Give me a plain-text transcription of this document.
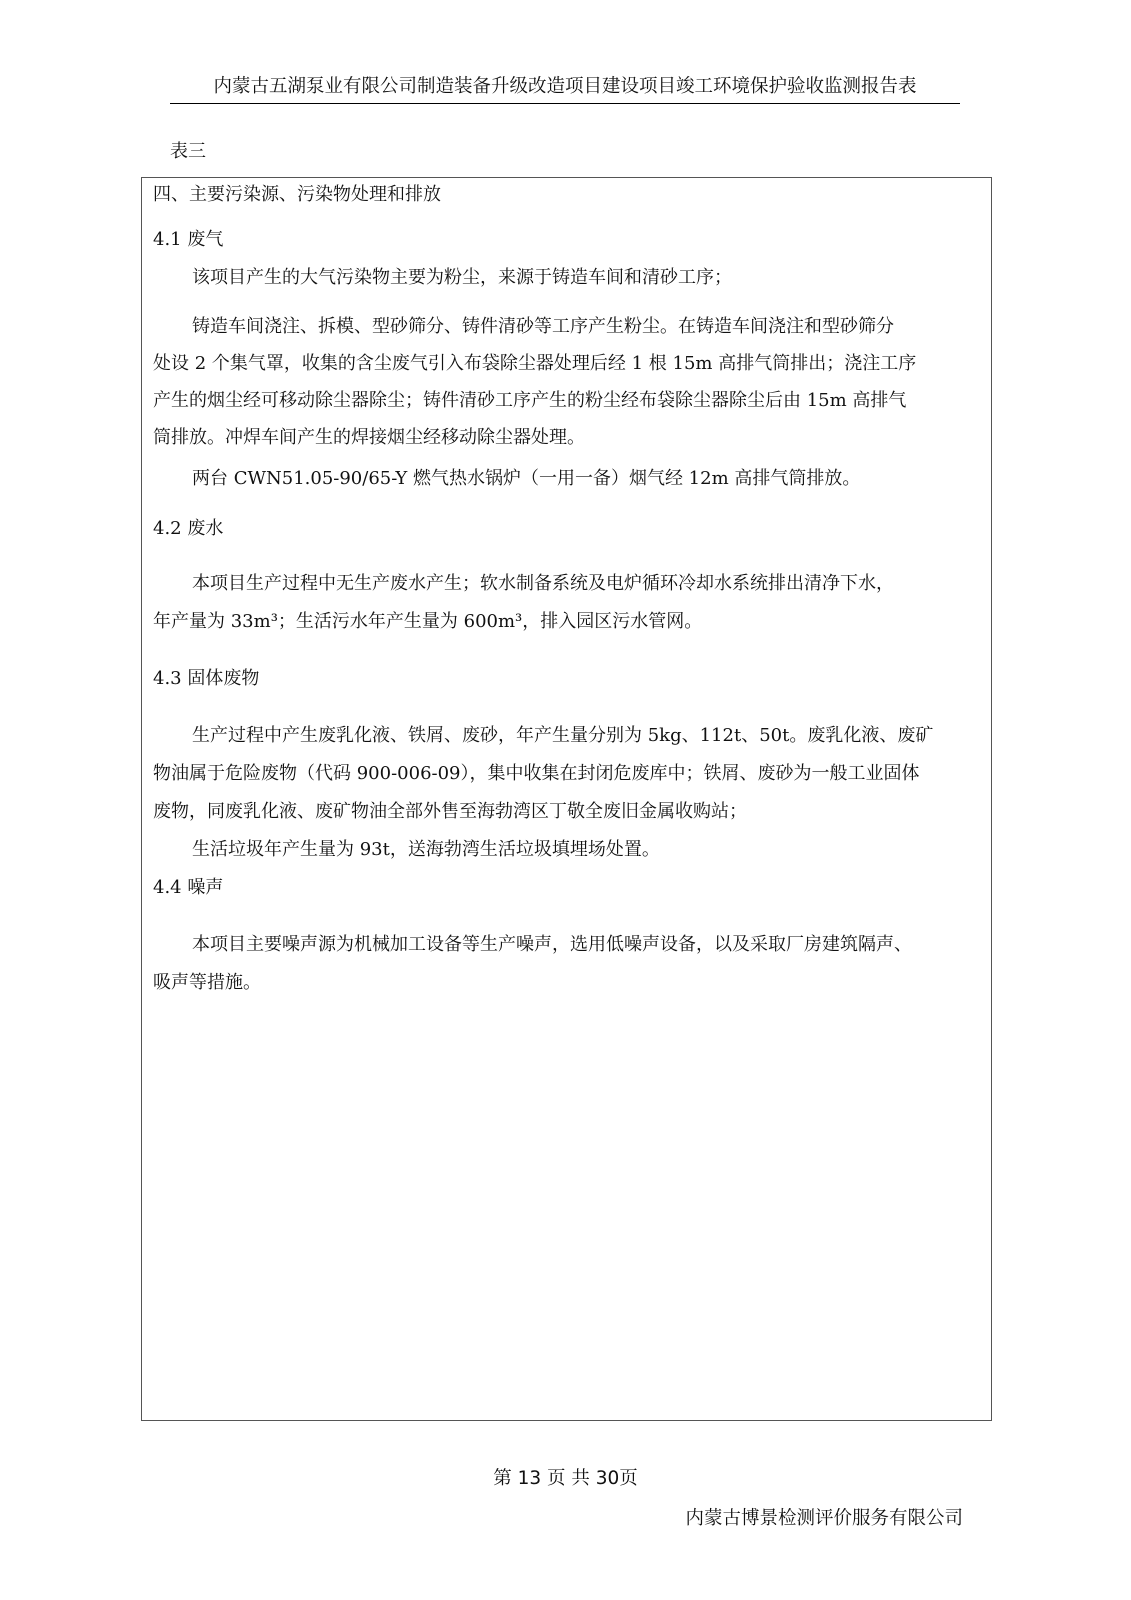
内蒙古五湖泵业有限公司制造装备升级改造项目建设项目竣工环境保护验收监测报告表
表三
四、主要污染源、污染物处理和排放
4.1 废气
该项目产生的大气污染物主要为粉尘，来源于铸造车间和清砂工序；
铸造车间浇注、拆模、型砂筛分、铸件清砂等工序产生粉尘。在铸造车间浇注和型砂筛分
处设 2 个集气罩，收集的含尘废气引入布袋除尘器处理后经 1 根 15m 高排气筒排出；浇注工序
产生的烟尘经可移动除尘器除尘；铸件清砂工序产生的粉尘经布袋除尘器除尘后由 15m 高排气
筒排放。冲焊车间产生的焊接烟尘经移动除尘器处理。
两台 CWN51.05-90/65-Y 燃气热水锅炉（一用一备）烟气经 12m 高排气筒排放。
4.2 废水
本项目生产过程中无生产废水产生；软水制备系统及电炉循环冷却水系统排出清净下水，
年产量为 33m³；生活污水年产生量为 600m³，排入园区污水管网。
4.3 固体废物
生产过程中产生废乳化液、铁屑、废砂，年产生量分别为 5kg、112t、50t。废乳化液、废矿
物油属于危险废物（代码 900-006-09），集中收集在封闭危废库中；铁屑、废砂为一般工业固体
废物，同废乳化液、废矿物油全部外售至海勃湾区丁敬全废旧金属收购站；
生活垃圾年产生量为 93t，送海勃湾生活垃圾填埋场处置。
4.4 噪声
本项目主要噪声源为机械加工设备等生产噪声，选用低噪声设备，以及采取厂房建筑隔声、
吸声等措施。
第 13 页 共 30页
内蒙古博景检测评价服务有限公司
